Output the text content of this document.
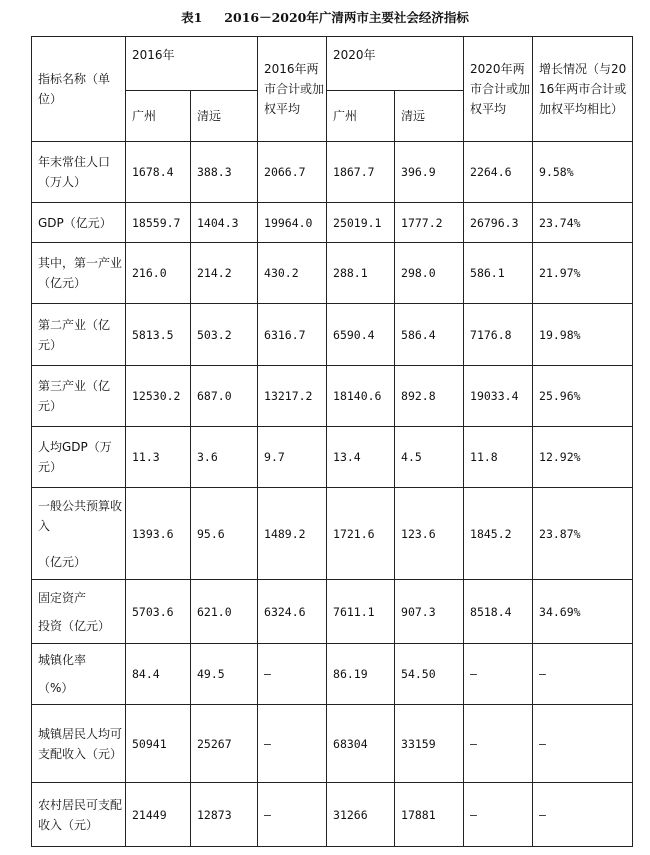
表1 2016－2020年广清两市主要社会经济指标
指标名称（单位）	2016年		2016年两市合计或加权平均	2020年		2020年两市合计或加权平均	增长情况（与2016年两市合计或加权平均相比）
	广州	清远		广州	清远		

年末常住人口（万人）	1678.4	388.3	2066.7	1867.7	396.9	2264.6	9.58%

GDP（亿元）	18559.7	1404.3	19964.0	25019.1	1777.2	26796.3	23.74%

其中，第一产业（亿元）	216.0	214.2	430.2	288.1	298.0	586.1	21.97%

第二产业（亿元）	5813.5	503.2	6316.7	6590.4	586.4	7176.8	19.98%

第三产业（亿元）	12530.2	687.0	13217.2	18140.6	892.8	19033.4	25.96%

人均GDP（万元）	11.3	3.6	9.7	13.4	4.5	11.8	12.92%

一般公共预算收入
（亿元）	1393.6	95.6	1489.2	1721.6	123.6	1845.2	23.87%

固定资产
投资（亿元）	5703.6	621.0	6324.6	7611.1	907.3	8518.4	34.69%

城镇化率
（%）	84.4	49.5	–	86.19	54.50	–	–

城镇居民人均可支配收入（元）	50941	25267	–	68304	33159	–	–

农村居民可支配收入（元）	21449	12873	–	31266	17881	–	–
